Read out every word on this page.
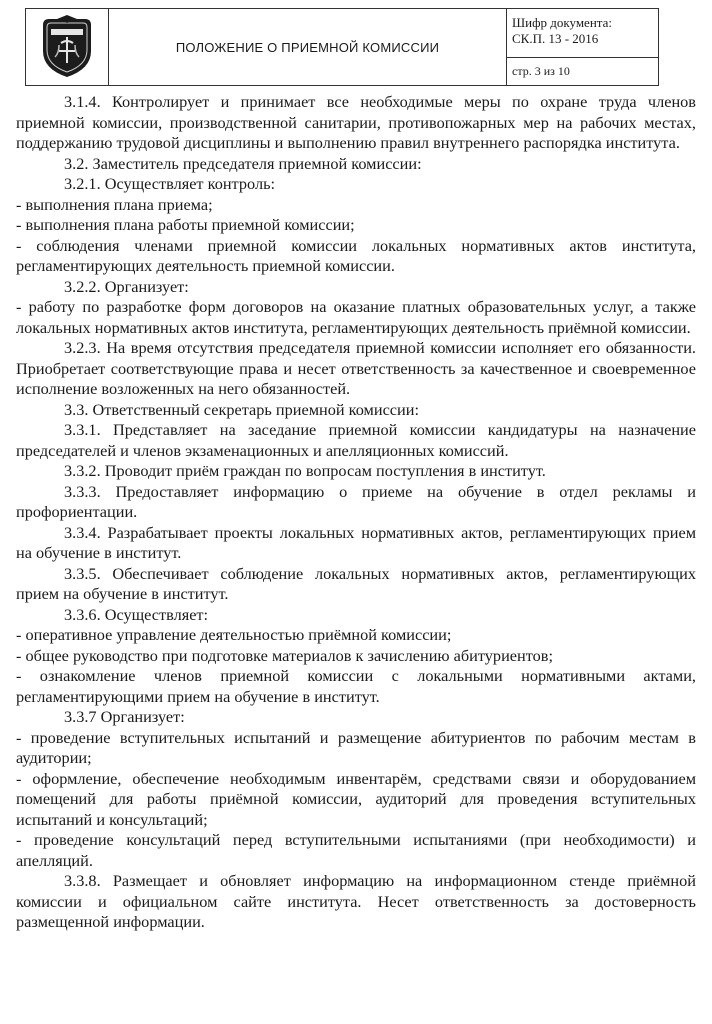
ПОЛОЖЕНИЕ О ПРИЕМНОЙ КОМИССИИ
Шифр документа:
СК.П. 13 - 2016
стр. 3 из 10

3.1.4. Контролирует и принимает все необходимые меры по охране труда членов приемной комиссии, производственной санитарии, противопожарных мер на рабочих местах, поддержанию трудовой дисциплины и выполнению правил внутреннего распорядка института.

3.2. Заместитель председателя приемной комиссии:

3.2.1. Осуществляет контроль:

- выполнения плана приема;

- выполнения плана работы приемной комиссии;

- соблюдения членами приемной комиссии локальных нормативных актов института, регламентирующих деятельность приемной комиссии.

3.2.2. Организует:

- работу по разработке форм договоров на оказание платных образовательных услуг, а также локальных нормативных актов института, регламентирующих деятельность приёмной комиссии.

3.2.3. На время отсутствия председателя приемной комиссии исполняет его обязанности. Приобретает соответствующие права и несет ответственность за качественное и своевременное исполнение возложенных на него обязанностей.

3.3. Ответственный секретарь приемной комиссии:

3.3.1. Представляет на заседание приемной комиссии кандидатуры на назначение председателей и членов экзаменационных и апелляционных комиссий.

3.3.2. Проводит приём граждан по вопросам поступления в институт.

3.3.3. Предоставляет информацию о приеме на обучение в отдел рекламы и профориентации.

3.3.4. Разрабатывает проекты локальных нормативных актов, регламентирующих прием на обучение в институт.

3.3.5. Обеспечивает соблюдение локальных нормативных актов, регламентирующих прием на обучение в институт.

3.3.6. Осуществляет:

- оперативное управление деятельностью приёмной комиссии;

- общее руководство при подготовке материалов к зачислению абитуриентов;

- ознакомление членов приемной комиссии с локальными нормативными актами, регламентирующими прием на обучение в институт.

3.3.7 Организует:

- проведение вступительных испытаний и размещение абитуриентов по рабочим местам в аудитории;

- оформление, обеспечение необходимым инвентарём, средствами связи и оборудованием помещений для работы приёмной комиссии, аудиторий для проведения вступительных испытаний и консультаций;

- проведение консультаций перед вступительными испытаниями (при необходимости) и апелляций.

3.3.8. Размещает и обновляет информацию на информационном стенде приёмной комиссии и официальном сайте института. Несет ответственность за достоверность размещенной информации.
